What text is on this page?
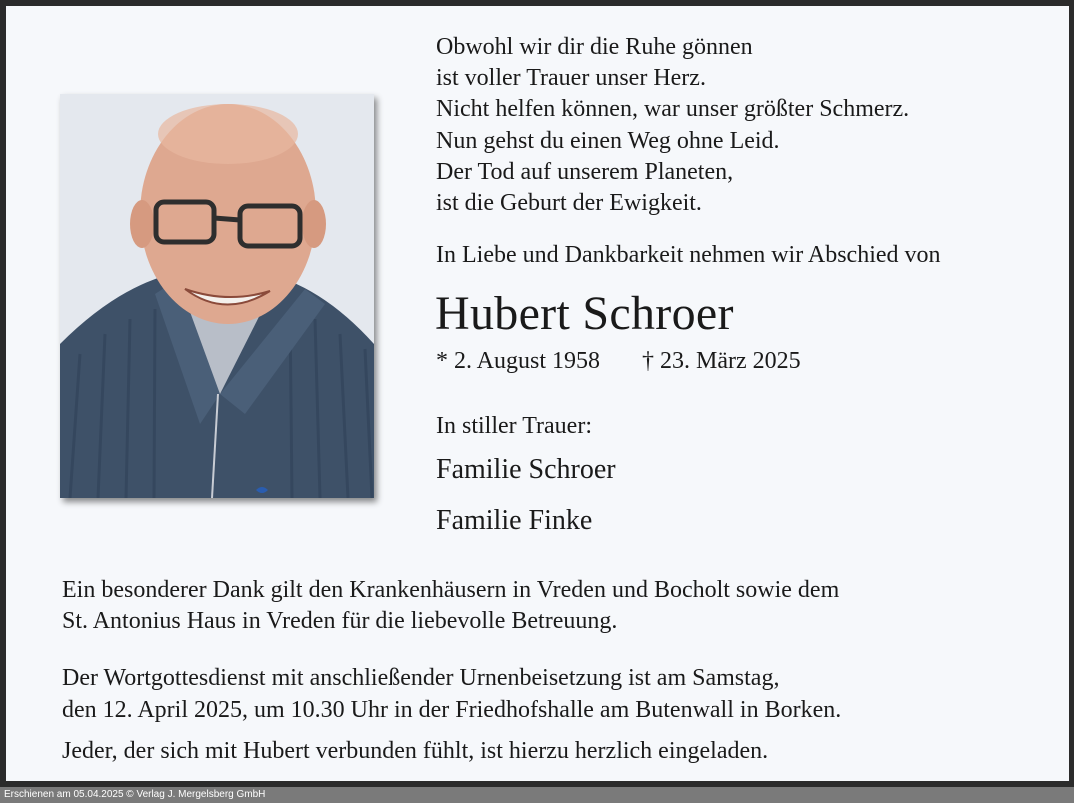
Obwohl wir dir die Ruhe gönnen
ist voller Trauer unser Herz.
Nicht helfen können, war unser größter Schmerz.
Nun gehst du einen Weg ohne Leid.
Der Tod auf unserem Planeten,
ist die Geburt der Ewigkeit.
In Liebe und Dankbarkeit nehmen wir Abschied von
Hubert Schroer
* 2. August 1958 † 23. März 2025
In stiller Trauer:
Familie Schroer
Familie Finke
Ein besonderer Dank gilt den Krankenhäusern in Vreden und Bocholt sowie dem
St. Antonius Haus in Vreden für die liebevolle Betreuung.
Der Wortgottesdienst mit anschließender Urnenbeisetzung ist am Samstag,
den 12. April 2025, um 10.30 Uhr in der Friedhofshalle am Butenwall in Borken.
Jeder, der sich mit Hubert verbunden fühlt, ist hierzu herzlich eingeladen.
Erschienen am 05.04.2025 © Verlag J. Mergelsberg GmbH
